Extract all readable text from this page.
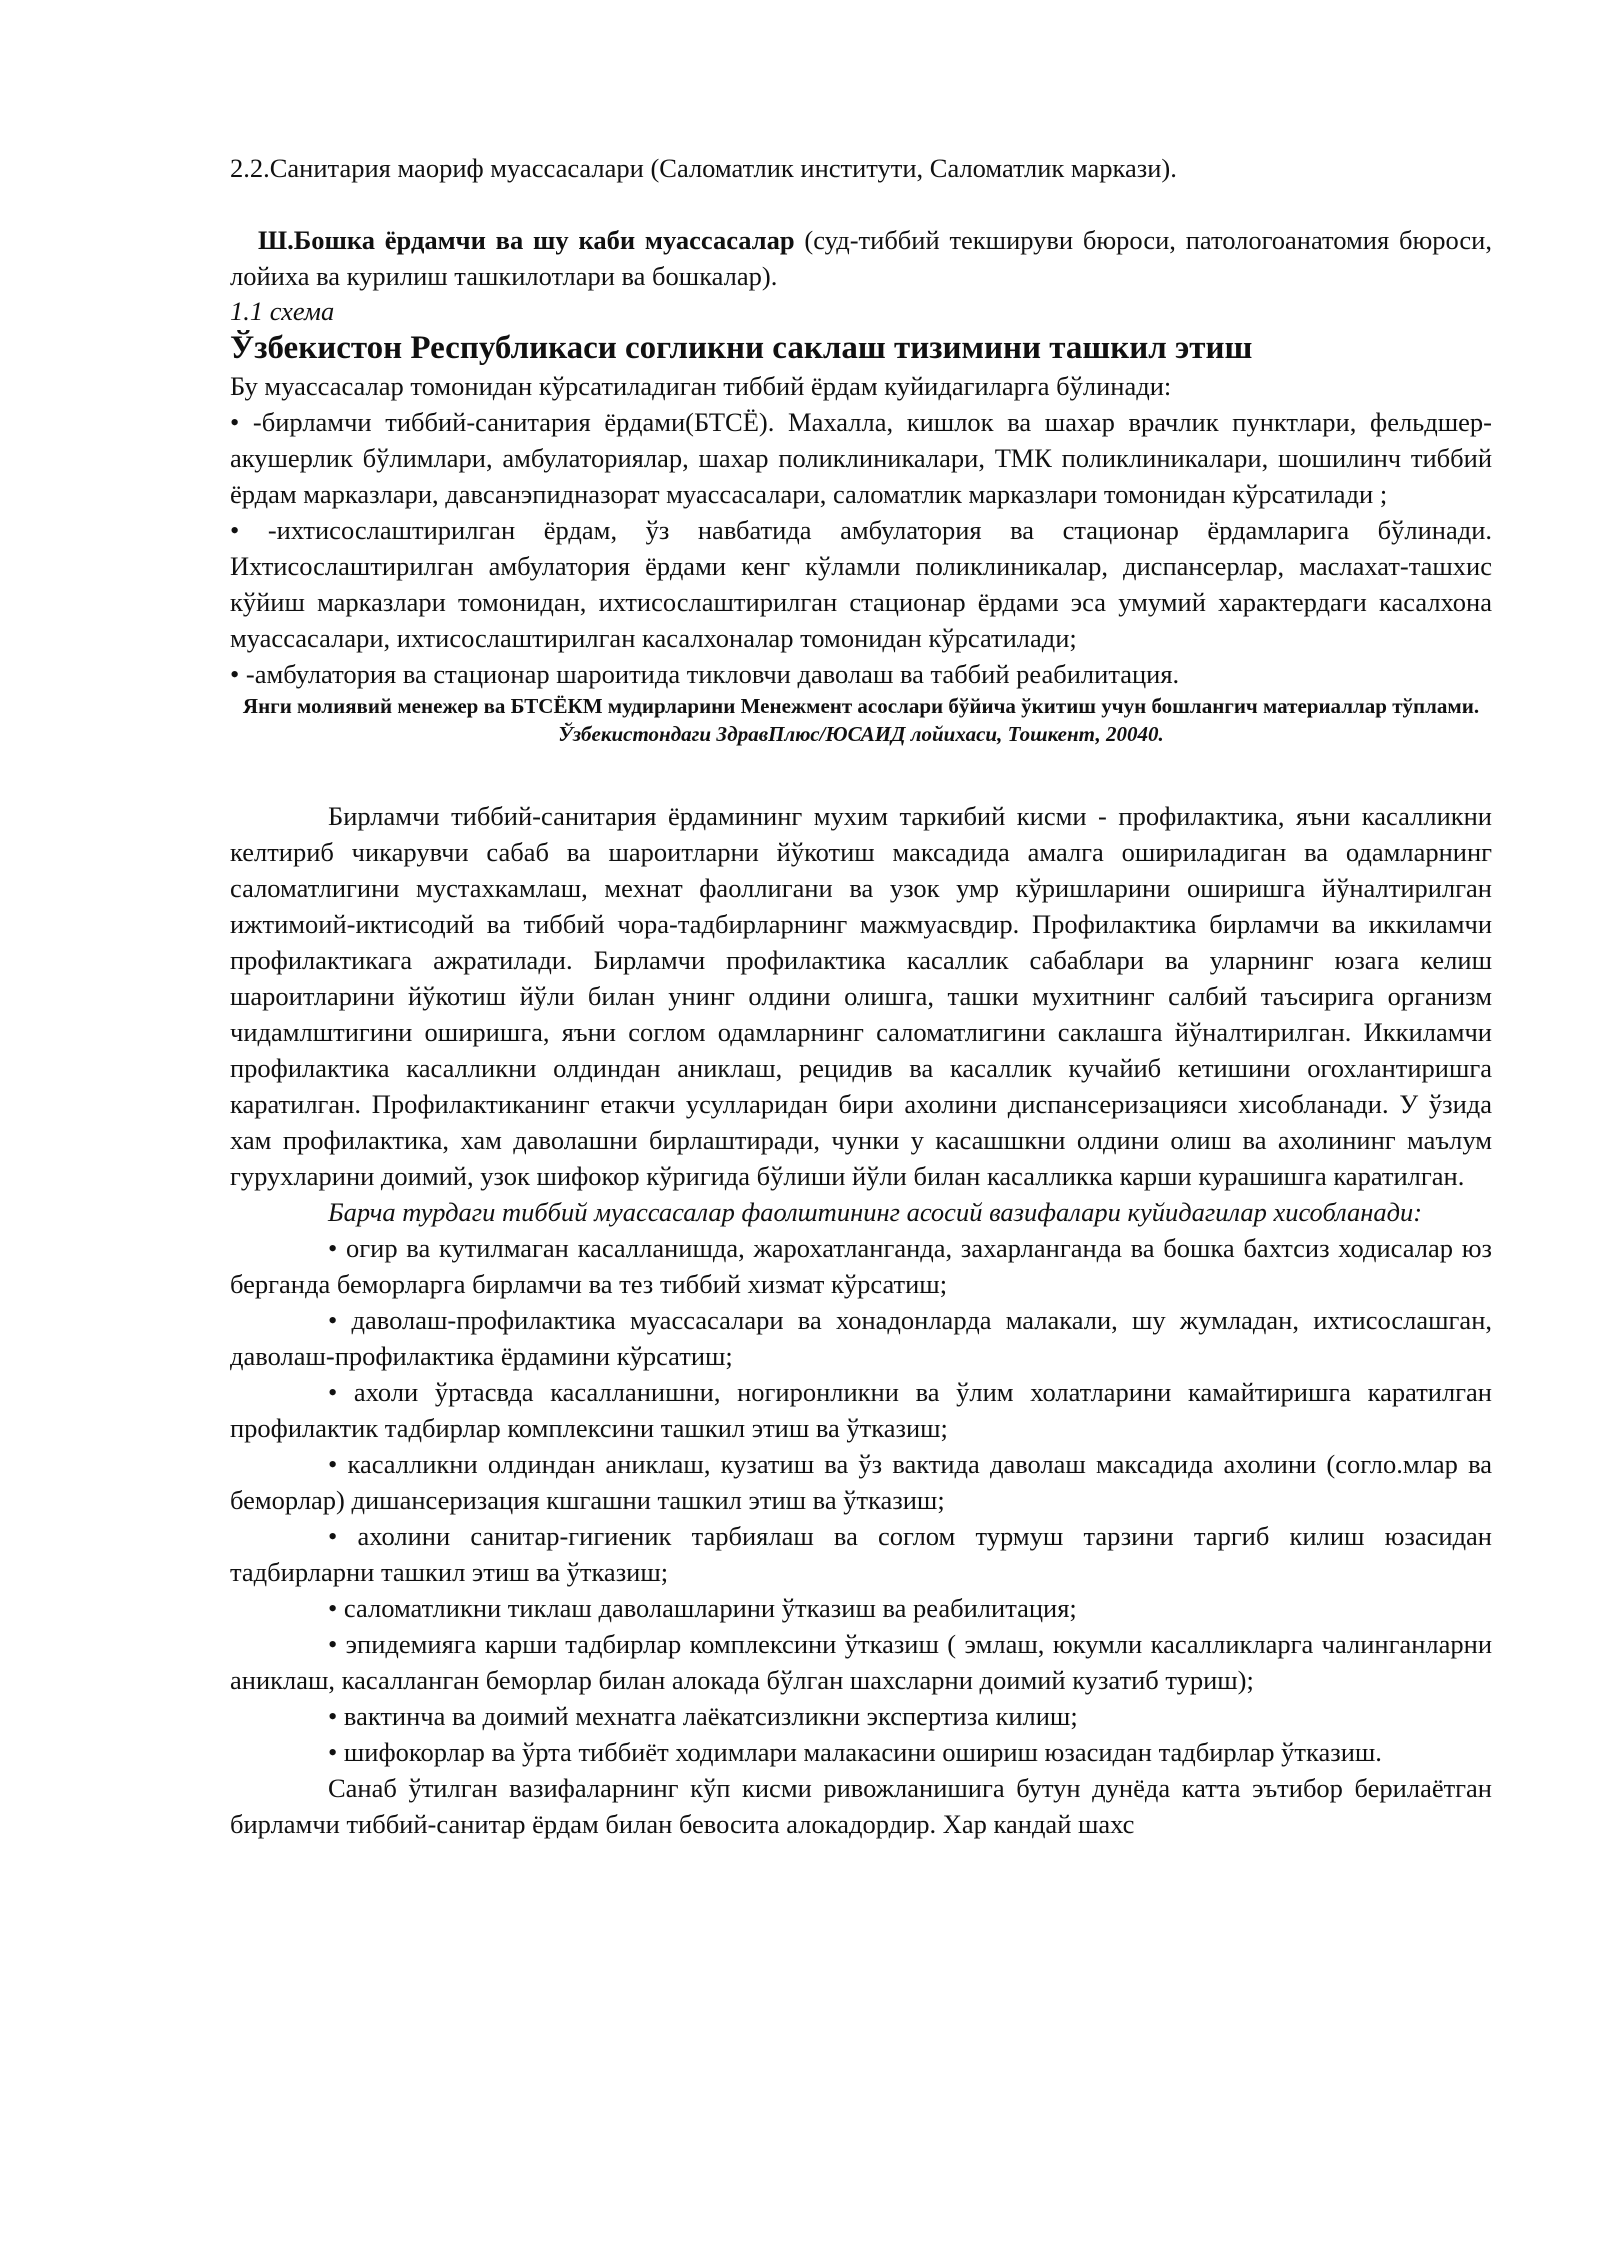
2.2.Санитария маориф муассасалари (Саломатлик институти, Саломатлик маркази).

Ш.Бошка ёрдамчи ва шу каби муассасалар (суд-тиббий текшируви бюроси, патологоанатомия бюроси, лойиха ва курилиш ташкилотлари ва бошкалар).

1.1 схема

Ўзбекистон Республикаси согликни саклаш тизимини ташкил этиш

Бу муассасалар томонидан кўрсатиладиган тиббий ёрдам куйидагиларга бўлинади:

• -бирламчи тиббий-санитария ёрдами(БТСЁ). Махалла, кишлок ва шахар врачлик пунктлари, фельдшер-акушерлик бўлимлари, амбулаториялар, шахар поликлиникалари, ТМК поликлиникалари, шошилинч тиббий ёрдам марказлари, давсанэпидназорат муассасалари, саломатлик марказлари томонидан кўрсатилади ;

• -ихтисослаштирилган ёрдам, ўз навбатида амбулатория ва стационар ёрдамларига бўлинади. Ихтисослаштирилган амбулатория ёрдами кенг кўламли поликлиникалар, диспансерлар, маслахат-ташхис кўйиш марказлари томонидан, ихтисослаштирилган стационар ёрдами эса умумий характердаги касалхона муассасалари, ихтисослаштирилган касалхоналар томонидан кўрсатилади;

• -амбулатория ва стационар шароитида тикловчи даволаш ва таббий реабилитация.

Янги молиявий менежер ва БТСЁКМ мудирларини Менежмент асослари бўйича ўкитиш учун бошлангич материаллар тўплами.

Ўзбекистондаги ЗдравПлюс/ЮСАИД лойихаси, Тошкент, 20040.

Бирламчи тиббий-санитария ёрдамининг мухим таркибий кисми - профилактика, яъни касалликни келтириб чикарувчи сабаб ва шароитларни йўкотиш максадида амалга оширилaдиган ва одамларнинг саломатлигини мустахкамлаш, мехнат фаоллигани ва узок умр кўришларини оширишга йўналтирилган ижтимоий-иктисодий ва тиббий чора-тадбирларнинг мажмуасвдир. Профилактика бирламчи ва иккиламчи профилактикага ажратилади. Бирламчи профилактика касаллик сабаблари ва уларнинг юзага келиш шароитларини йўкотиш йўли билан унинг олдини олишга, ташки мухитнинг салбий таъсирига организм чидамлштигини оширишга, яъни соглом одамларнинг саломатлигини саклашга йўналтирилган. Иккиламчи профилактика касалликни олдиндан аниклаш, рецидив ва касаллик кучайиб кетишини огохлантиришга каратилган. Профилактиканинг етакчи усулларидан бири ахолини диспансеризацияси хисобланади. У ўзида хам профилактика, хам даволашни бирлаштиради, чунки у касашшкни олдини олиш ва ахолининг маълум гурухларини доимий, узок шифокор кўригида бўлиши йўли билан касалликка карши курашишга каратилган.

Барча турдаги тиббий муассасалар фаолштининг асосий вазифалари куйидагилар хисобланади:

• огир ва кутилмаган касалланишда, жарохатланганда, захарланганда ва бошка бахтсиз ходисалар юз берганда беморларга бирламчи ва тез тиббий хизмат кўрсатиш;

• даволаш-профилактика муассасалари ва хонадонларда малакали, шу жумладан, ихтисослашган, даволаш-профилактика ёрдамини кўрсатиш;

• ахоли ўртасвда касалланишни, ногиронликни ва ўлим холатларини камайтиришга каратилган профилактик тадбирлар комплексини ташкил этиш ва ўтказиш;

• касалликни олдиндан аниклаш, кузатиш ва ўз вактида даволаш максадида ахолини (согло.млар ва беморлар) дишансеризация кшгашни ташкил этиш ва ўтказиш;

• ахолини санитар-гигиеник тарбиялаш ва соглом турмуш тарзини таргиб килиш юзасидан тадбирларни ташкил этиш ва ўтказиш;

• саломатликни тиклаш даволашларини ўтказиш ва реабилитация;

• эпидемияга карши тадбирлар комплексини ўтказиш ( эмлаш, юкумли касалликларга чалинганларни аниклаш, касалланган беморлар билан алокада бўлган шахсларни доимий кузатиб туриш);

• вактинча ва доимий мехнатга лаёкатсизликни экспертиза килиш;

• шифокорлар ва ўрта тиббиёт ходимлари малакасини ошириш юзасидан тадбирлар ўтказиш.

Санаб ўтилган вазифаларнинг кўп кисми ривожланишига бутун дунёда катта эътибор берилаётган бирламчи тиббий-санитар ёрдам билан бевосита алокадордир. Хар кандай шахс
